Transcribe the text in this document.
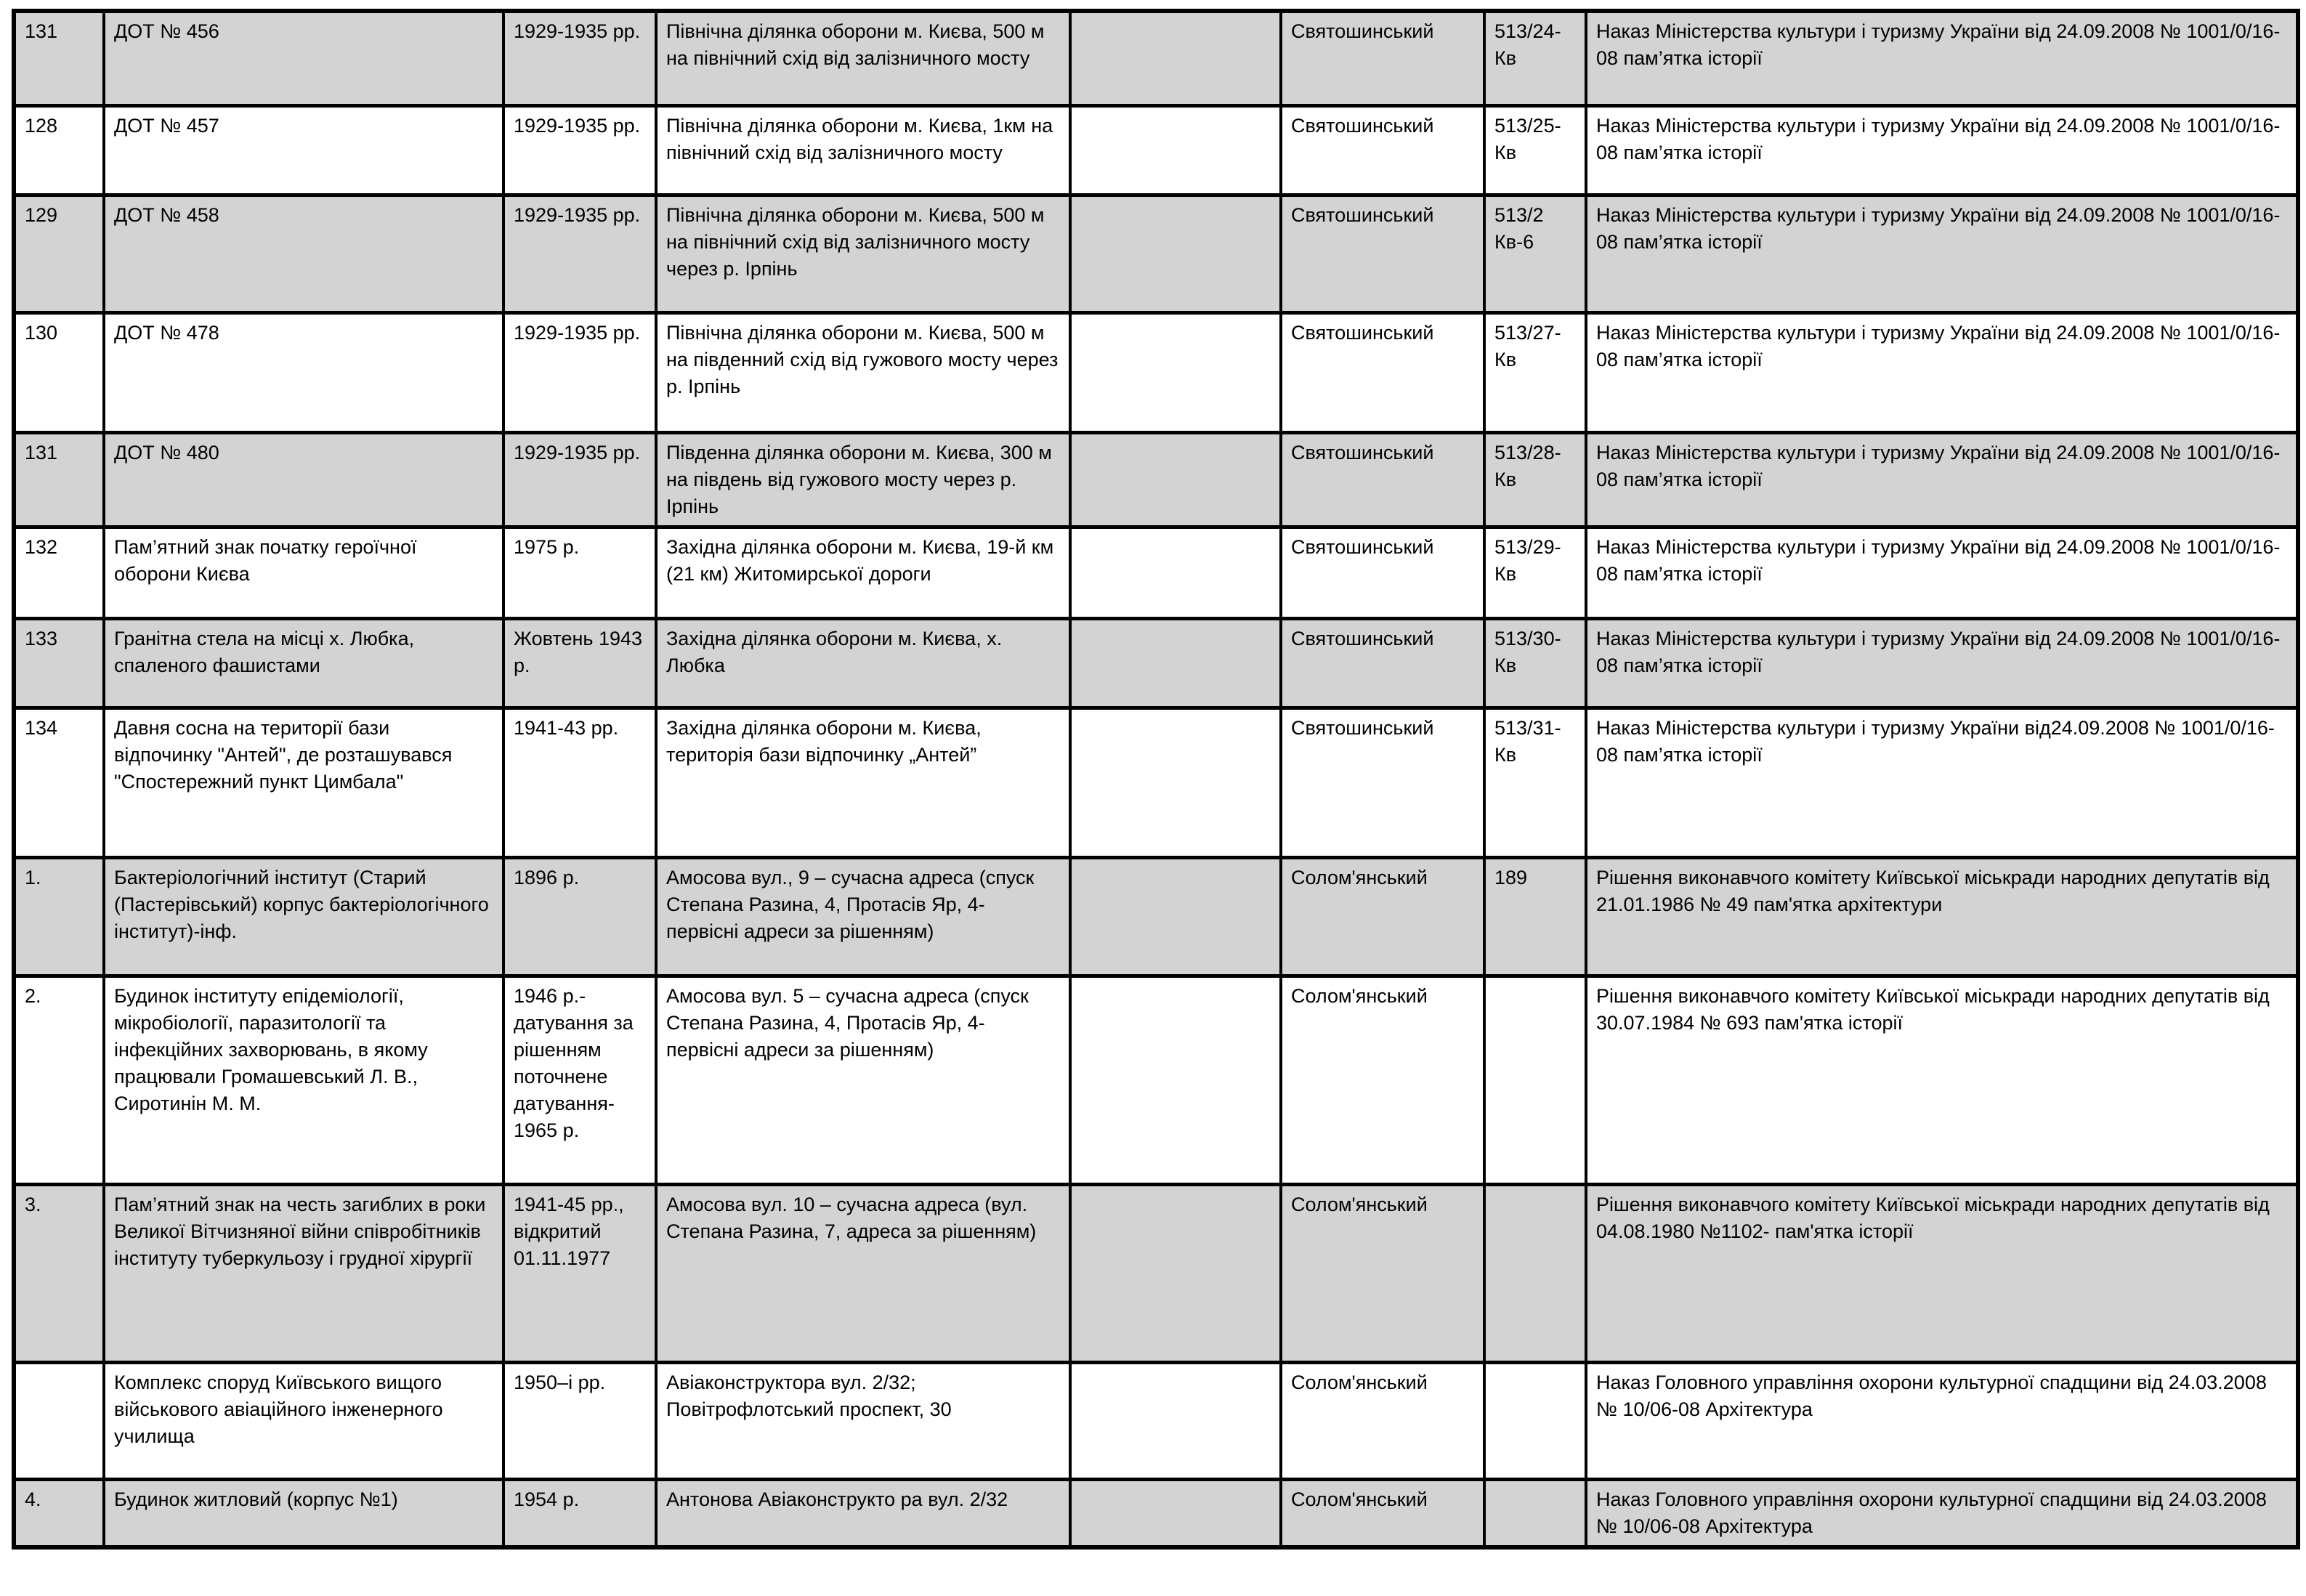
131	ДОТ № 456	1929-1935 рр.	Північна ділянка оборони м. Києва, 500 м на північний схід від залізничного мосту		Святошинський	513/24-Кв	Наказ Міністерства культури і туризму України від 24.09.2008 № 1001/0/16-08 пам’ятка історії
128	ДОТ № 457	1929-1935 рр.	Північна ділянка оборони м. Києва, 1км на північний схід від залізничного мосту		Святошинський	513/25-Кв	Наказ Міністерства культури і туризму України від 24.09.2008 № 1001/0/16-08 пам’ятка історії
129	ДОТ № 458	1929-1935 рр.	Північна ділянка оборони м. Києва, 500 м на північний схід від залізничного мосту через р. Ірпінь		Святошинський	513/2 Кв-6	Наказ Міністерства культури і туризму України від 24.09.2008 № 1001/0/16-08 пам’ятка історії
130	ДОТ № 478	1929-1935 рр.	Північна ділянка оборони м. Києва, 500 м на південний схід від гужового мосту через р. Ірпінь		Святошинський	513/27-Кв	Наказ Міністерства культури і туризму України від 24.09.2008 № 1001/0/16-08 пам’ятка історії
131	ДОТ № 480	1929-1935 рр.	Південна ділянка оборони м. Києва, 300 м на південь від гужового мосту через р. Ірпінь		Святошинський	513/28-Кв	Наказ Міністерства культури і туризму України від 24.09.2008 № 1001/0/16-08 пам’ятка історії
132	Пам’ятний знак початку героїчної оборони Києва	1975 р.	Західна ділянка оборони м. Києва, 19-й км (21 км) Житомирської дороги		Святошинський	513/29-Кв	Наказ Міністерства культури і туризму України від 24.09.2008 № 1001/0/16-08 пам’ятка історії
133	Гранітна стела на місці х. Любка, спаленого фашистами	Жовтень 1943 р.	Західна ділянка оборони м. Києва, х. Любка		Святошинський	513/30-Кв	Наказ Міністерства культури і туризму України від 24.09.2008 № 1001/0/16-08 пам’ятка історії
134	Давня сосна на території бази відпочинку "Антей", де розташувався "Спостережний пункт Цимбала"	1941-43 рр.	Західна ділянка оборони м. Києва, територія бази відпочинку „Антей”		Святошинський	513/31-Кв	Наказ Міністерства культури і туризму України від24.09.2008 № 1001/0/16-08 пам’ятка історії
1.	Бактеріологічний інститут (Старий (Пастерівський) корпус бактеріологічного інститут)-інф.	1896 р.	Амосова вул., 9 – сучасна адреса (спуск Степана Разина, 4, Протасів Яр, 4- первісні адреси за рішенням)		Солом'янський	189	Рішення виконавчого комітету Київської міськради народних депутатів від 21.01.1986 № 49 пам'ятка архітектури
2.	Будинок інституту епідеміології, мікробіології, паразитології та інфекційних захворювань, в якому працювали Громашевський Л. В., Сиротинін М. М.	1946 р.- датування за рішенням поточнене датування- 1965 р.	Амосова вул. 5 – сучасна адреса (спуск Степана Разина, 4, Протасів Яр, 4- первісні адреси за рішенням)		Солом'янський		Рішення виконавчого комітету Київської міськради народних депутатів від 30.07.1984 № 693 пам'ятка історії
3.	Пам’ятний знак на честь загиблих в роки Великої Вітчизняної війни співробітників інституту туберкульозу і грудної хірургії	1941-45 рр., відкритий 01.11.1977	Амосова вул. 10 – сучасна адреса (вул. Степана Разина, 7, адреса за рішенням)		Солом'янський		Рішення виконавчого комітету Київської міськради народних депутатів від 04.08.1980 №1102- пам'ятка історії
	Комплекс споруд Київського вищого військового авіаційного інженерного училища	1950–і рр.	Авіаконструктора вул. 2/32; Повітрофлотський проспект, 30		Солом'янський		Наказ Головного управління охорони культурної спадщини від 24.03.2008 № 10/06-08 Архітектура
4.	Будинок житловий (корпус №1)	1954 р.	Антонова Авіаконструкто ра вул. 2/32		Солом'янський		Наказ Головного управління охорони культурної спадщини від 24.03.2008 № 10/06-08 Архітектура
